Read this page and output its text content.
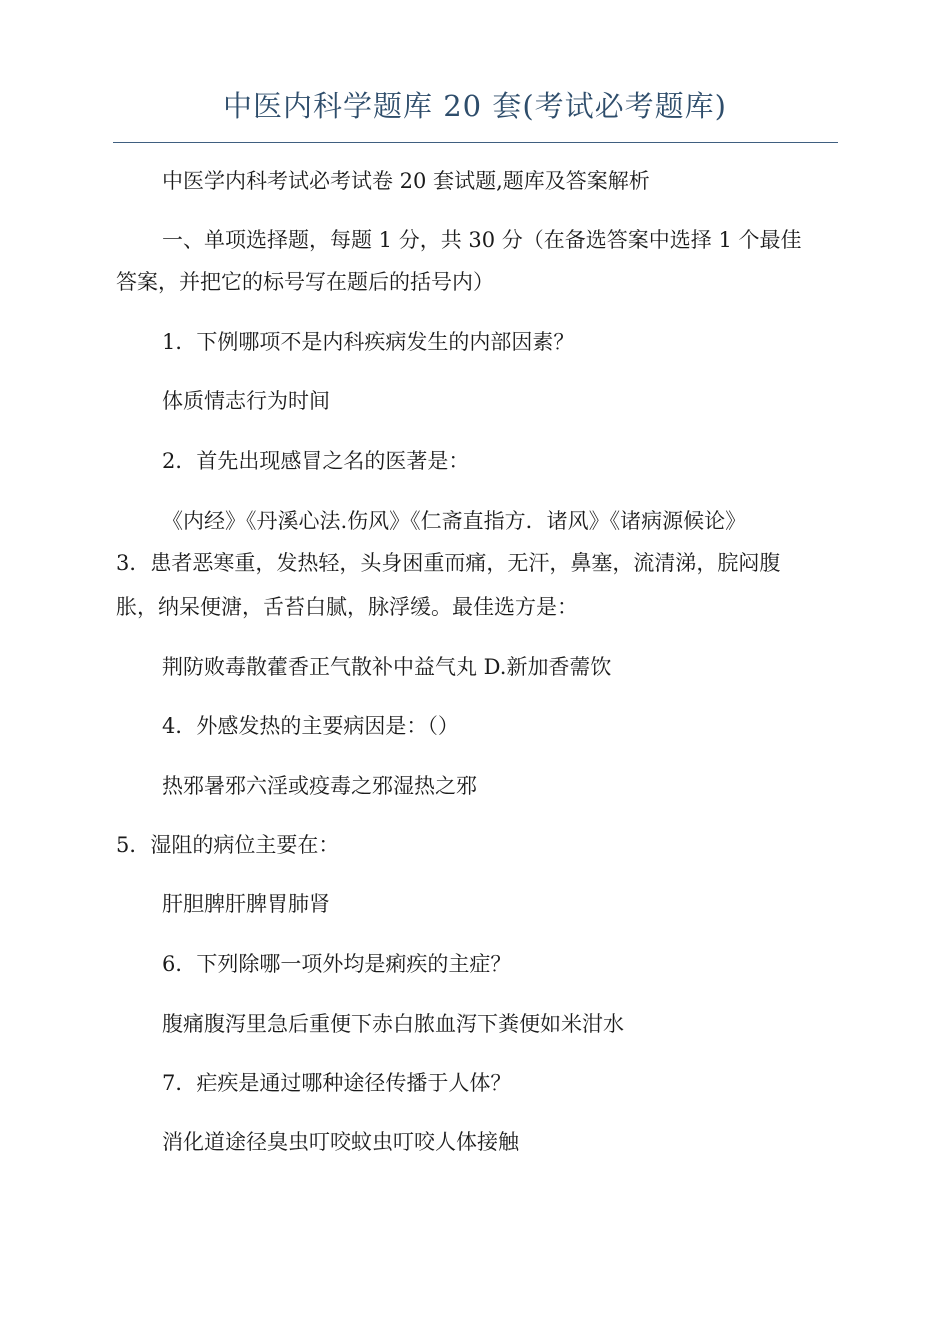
中医内科学题库 20 套(考试必考题库)
中医学内科考试必考试卷 20 套试题,题库及答案解析
一、单项选择题，每题 1 分，共 30 分（在备选答案中选择 1 个最佳
答案，并把它的标号写在题后的括号内）
1．下例哪项不是内科疾病发生的内部因素？
体质情志行为时间
2．首先出现感冒之名的医著是：
《内经》《丹溪心法.伤风》《仁斋直指方．诸风》《诸病源候论》
3．患者恶寒重，发热轻，头身困重而痛，无汗，鼻塞，流清涕，脘闷腹
胀，纳呆便溏，舌苔白腻，脉浮缓。最佳选方是：
荆防败毒散藿香正气散补中益气丸 D.新加香薷饮
4．外感发热的主要病因是：（）
热邪暑邪六淫或疫毒之邪湿热之邪
5．湿阻的病位主要在：
肝胆脾肝脾胃肺肾
6．下列除哪一项外均是痢疾的主症？
腹痛腹泻里急后重便下赤白脓血泻下粪便如米泔水
7．疟疾是通过哪种途径传播于人体？
消化道途径臭虫叮咬蚊虫叮咬人体接触
